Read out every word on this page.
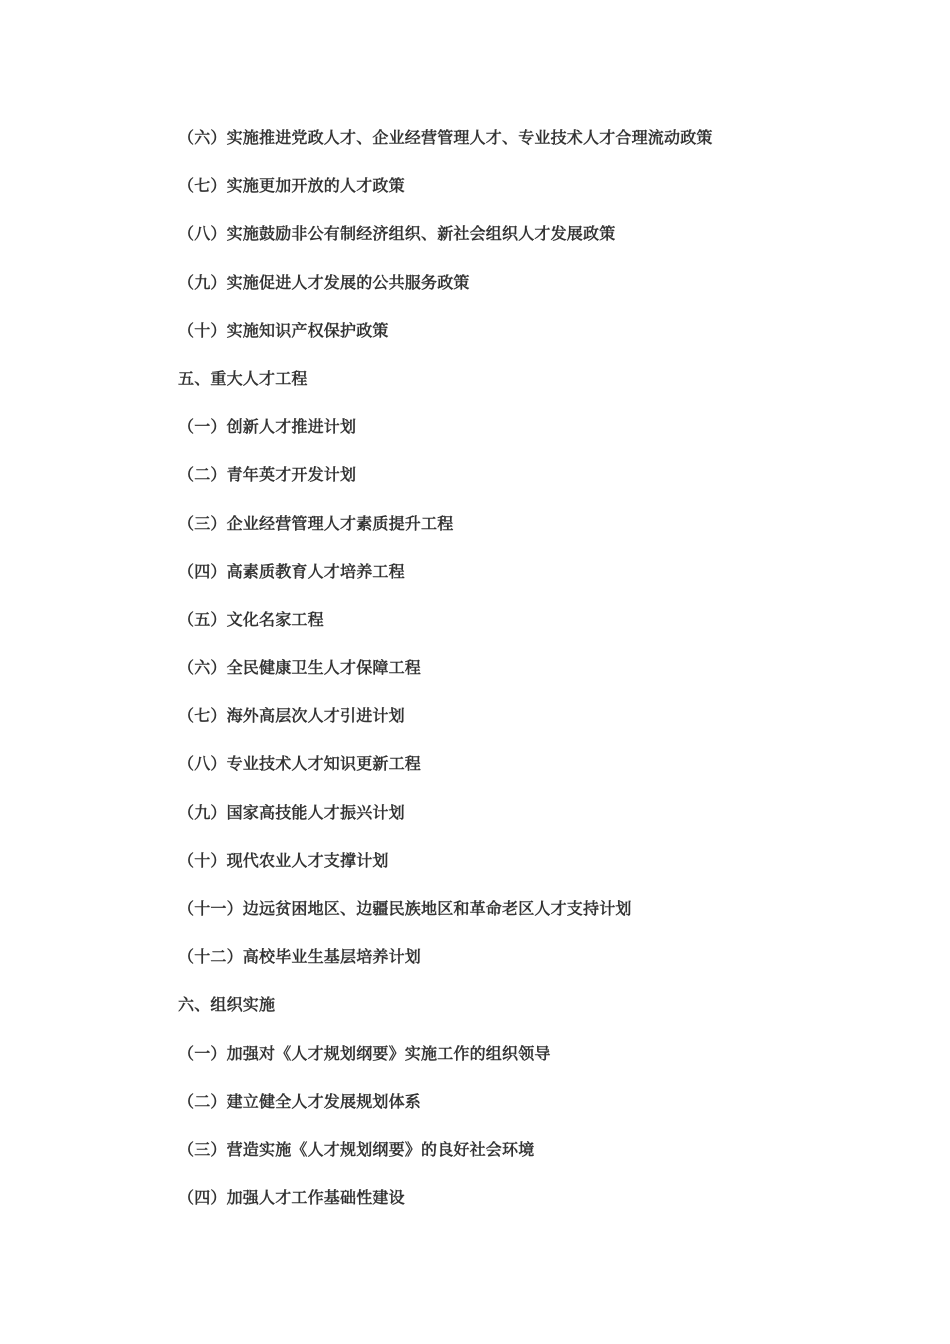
（六）实施推进党政人才、企业经营管理人才、专业技术人才合理流动政策
（七）实施更加开放的人才政策
（八）实施鼓励非公有制经济组织、新社会组织人才发展政策
（九）实施促进人才发展的公共服务政策
（十）实施知识产权保护政策
五、重大人才工程
（一）创新人才推进计划
（二）青年英才开发计划
（三）企业经营管理人才素质提升工程
（四）高素质教育人才培养工程
（五）文化名家工程
（六）全民健康卫生人才保障工程
（七）海外高层次人才引进计划
（八）专业技术人才知识更新工程
（九）国家高技能人才振兴计划
（十）现代农业人才支撑计划
（十一）边远贫困地区、边疆民族地区和革命老区人才支持计划
（十二）高校毕业生基层培养计划
六、组织实施
（一）加强对《人才规划纲要》实施工作的组织领导
（二）建立健全人才发展规划体系
（三）营造实施《人才规划纲要》的良好社会环境
（四）加强人才工作基础性建设
